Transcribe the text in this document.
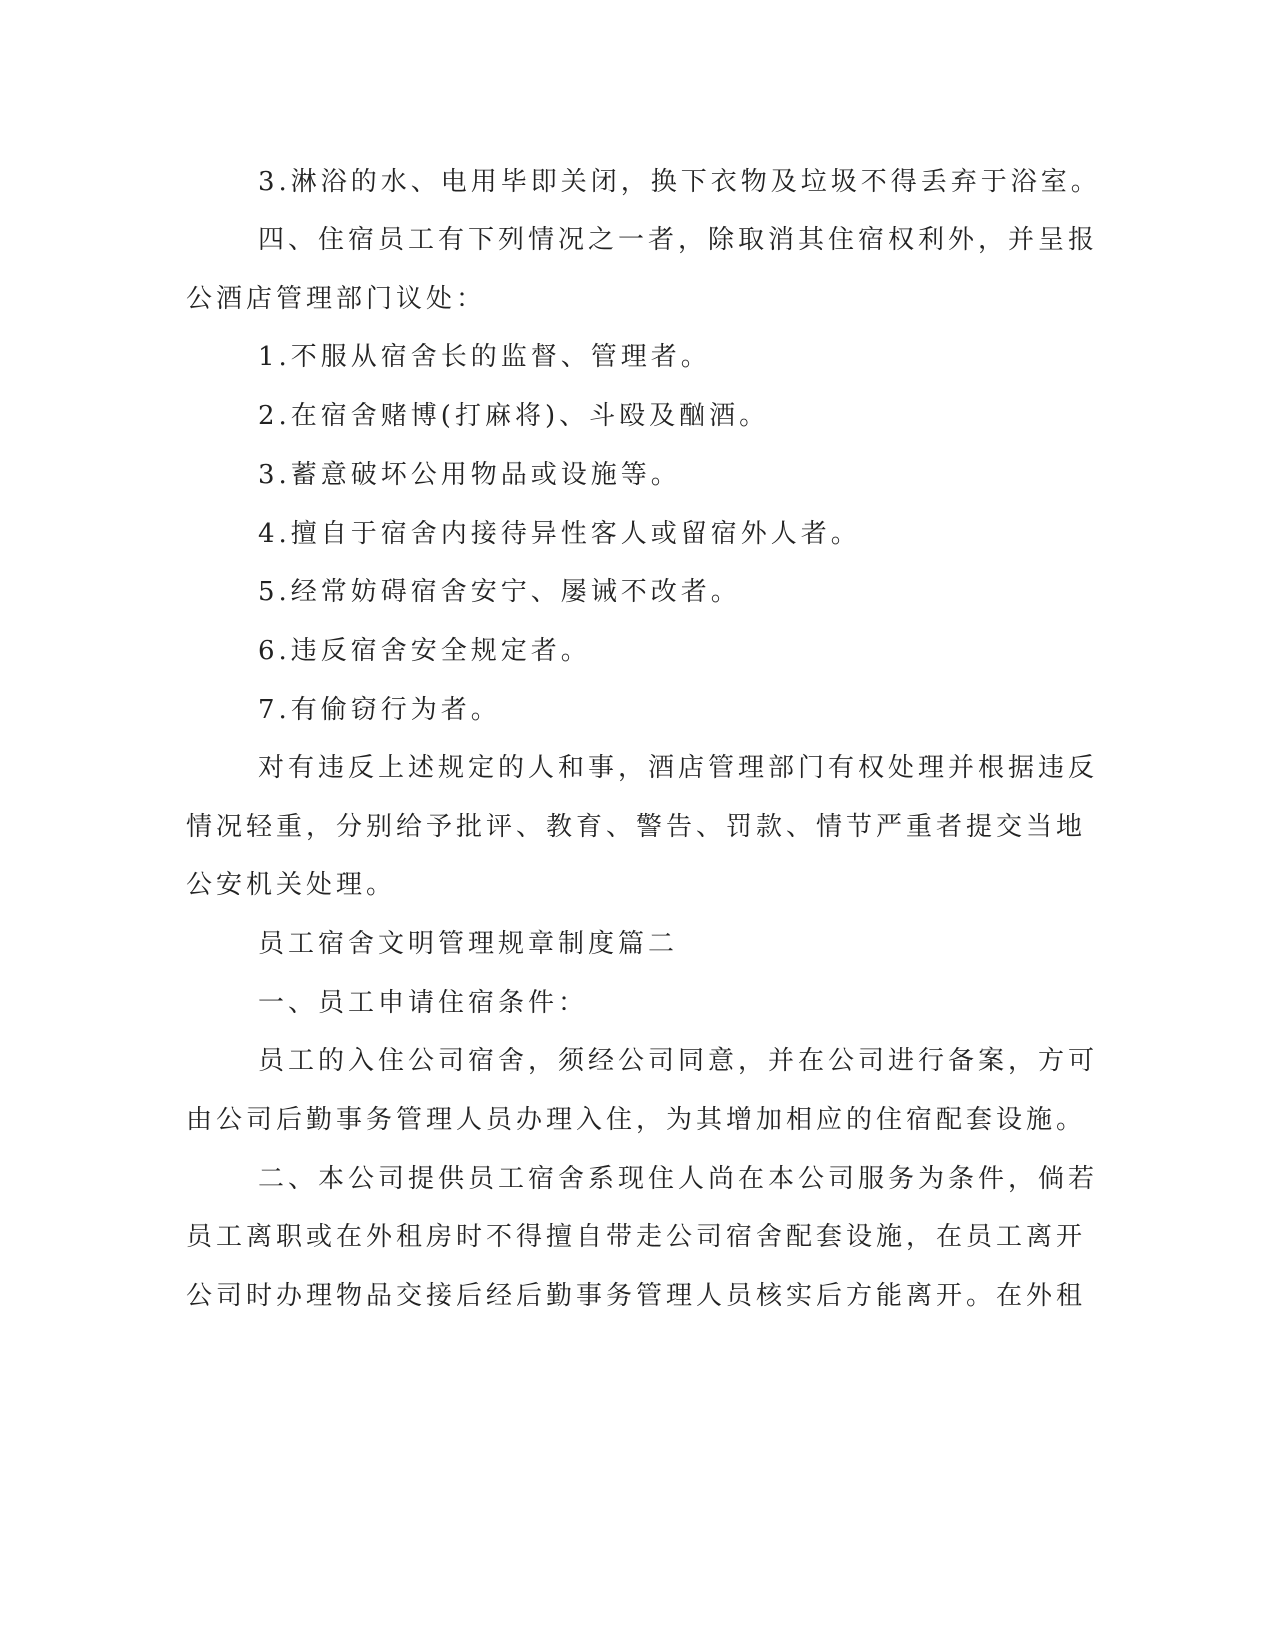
3.淋浴的水、电用毕即关闭，换下衣物及垃圾不得丢弃于浴室。

四、住宿员工有下列情况之一者，除取消其住宿权利外，并呈报

公酒店管理部门议处：

1.不服从宿舍长的监督、管理者。

2.在宿舍赌博(打麻将)、斗殴及酗酒。

3.蓄意破坏公用物品或设施等。

4.擅自于宿舍内接待异性客人或留宿外人者。

5.经常妨碍宿舍安宁、屡诫不改者。

6.违反宿舍安全规定者。

7.有偷窃行为者。

对有违反上述规定的人和事，酒店管理部门有权处理并根据违反

情况轻重，分别给予批评、教育、警告、罚款、情节严重者提交当地

公安机关处理。

员工宿舍文明管理规章制度篇二

一、员工申请住宿条件：

员工的入住公司宿舍，须经公司同意，并在公司进行备案，方可

由公司后勤事务管理人员办理入住，为其增加相应的住宿配套设施。

二、本公司提供员工宿舍系现住人尚在本公司服务为条件，倘若

员工离职或在外租房时不得擅自带走公司宿舍配套设施，在员工离开

公司时办理物品交接后经后勤事务管理人员核实后方能离开。在外租
